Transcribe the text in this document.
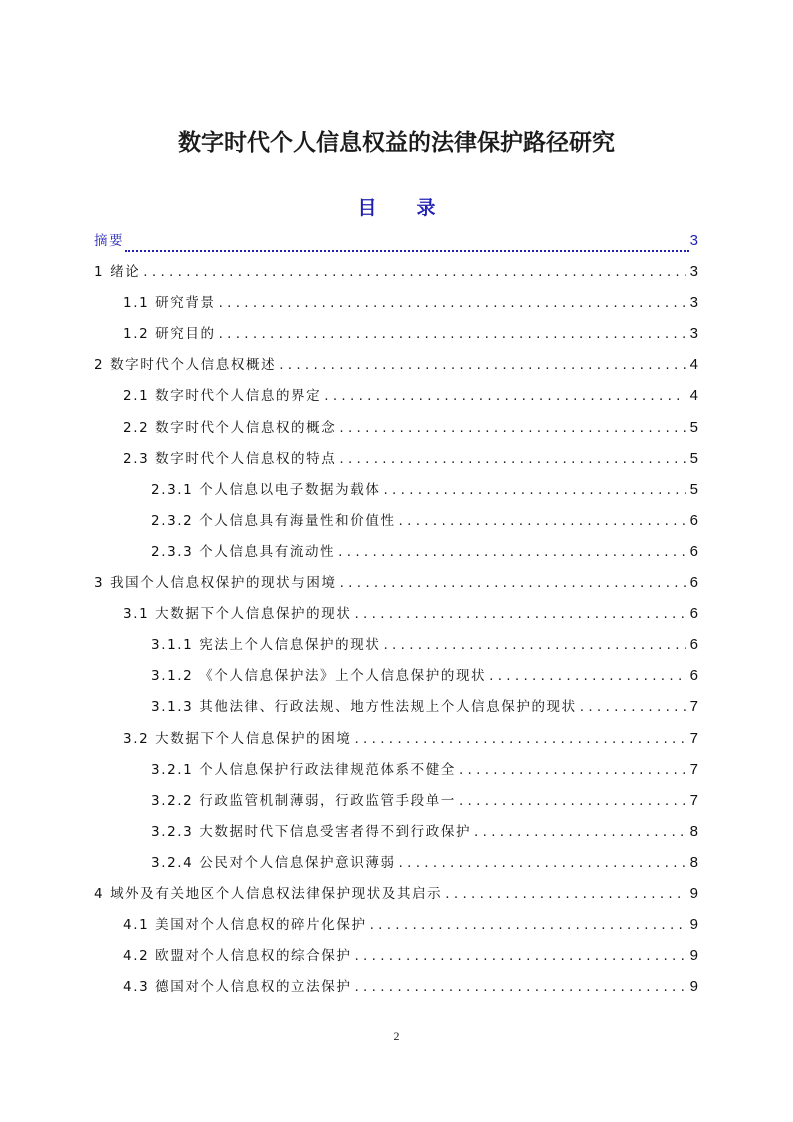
数字时代个人信息权益的法律保护路径研究
目录
摘要	3
1 绪论 . . .	3
1.1 研究背景 . . .	3
1.2 研究目的 . . .	3
2 数字时代个人信息权概述 . . .	4
2.1 数字时代个人信息的界定 . . .	4
2.2 数字时代个人信息权的概念 . . .	5
2.3 数字时代个人信息权的特点 . . .	5
2.3.1 个人信息以电子数据为载体 . . .	5
2.3.2 个人信息具有海量性和价值性 . . .	6
2.3.3 个人信息具有流动性 . . .	6
3 我国个人信息权保护的现状与困境 . . .	6
3.1 大数据下个人信息保护的现状 . . .	6
3.1.1 宪法上个人信息保护的现状 . . .	6
3.1.2 《个人信息保护法》上个人信息保护的现状 . . .	6
3.1.3 其他法律、行政法规、地方性法规上个人信息保护的现状 . . .	7
3.2 大数据下个人信息保护的困境 . . .	7
3.2.1 个人信息保护行政法律规范体系不健全 . . .	7
3.2.2 行政监管机制薄弱，行政监管手段单一 . . .	7
3.2.3 大数据时代下信息受害者得不到行政保护 . . .	8
3.2.4 公民对个人信息保护意识薄弱 . . .	8
4 域外及有关地区个人信息权法律保护现状及其启示 . . .	9
4.1 美国对个人信息权的碎片化保护 . . .	9
4.2 欧盟对个人信息权的综合保护 . . .	9
4.3 德国对个人信息权的立法保护 . . .	9
2
